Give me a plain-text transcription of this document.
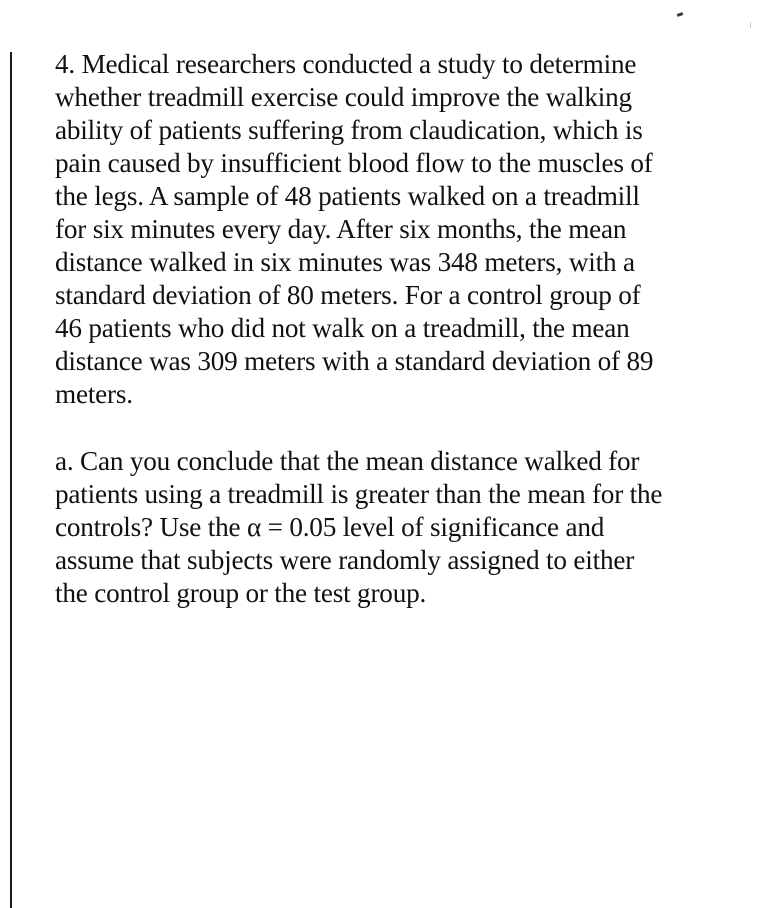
4. Medical researchers conducted a study to determine
whether treadmill exercise could improve the walking
ability of patients suffering from claudication, which is
pain caused by insufficient blood flow to the muscles of
the legs. A sample of 48 patients walked on a treadmill
for six minutes every day. After six months, the mean
distance walked in six minutes was 348 meters, with a
standard deviation of 80 meters. For a control group of
46 patients who did not walk on a treadmill, the mean
distance was 309 meters with a standard deviation of 89
meters.
a. Can you conclude that the mean distance walked for
patients using a treadmill is greater than the mean for the
controls? Use the α = 0.05 level of significance and
assume that subjects were randomly assigned to either
the control group or the test group.
